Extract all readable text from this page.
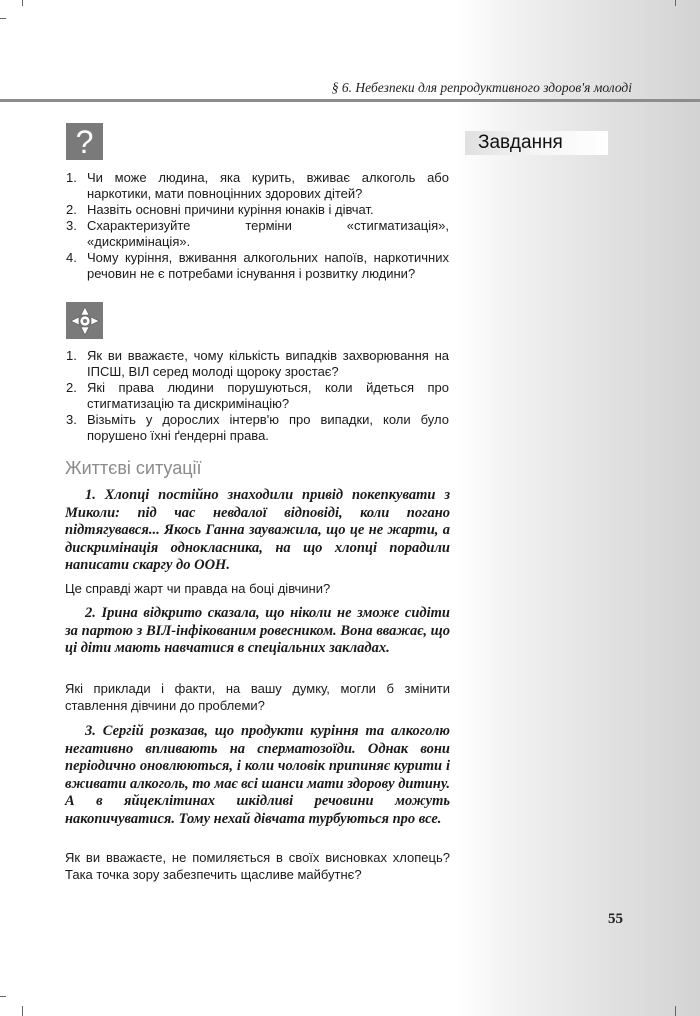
§ 6. Небезпеки для репродуктивного здоров'я молоді
Завдання
?
1. Чи може людина, яка курить, вживає алкоголь або наркотики, мати повноцінних здорових дітей?
2. Назвіть основні причини куріння юнаків і дівчат.
3. Схарактеризуйте терміни «стигматизація», «дискримінація».
4. Чому куріння, вживання алкогольних напоїв, наркотичних речовин не є потребами існування і розвитку людини?
1. Як ви вважаєте, чому кількість випадків захворювання на ІПСШ, ВІЛ серед молоді щороку зростає?
2. Які права людини порушуються, коли йдеться про стигматизацію та дискримінацію?
3. Візьміть у дорослих інтерв'ю про випадки, коли було порушено їхні ґендерні права.
Життєві ситуації

1. Хлопці постійно знаходили привід покепкувати з Миколи: під час невдалої відповіді, коли погано підтягувався... Якось Ганна зауважила, що це не жарти, а дискримінація однокласника, на що хлопці порадили написати скаргу до ООН.

Це справді жарт чи правда на боці дівчини?

2. Ірина відкрито сказала, що ніколи не зможе сидіти за партою з ВІЛ-інфікованим ровесником. Вона вважає, що ці діти мають навчатися в спеціальних закладах.

Які приклади і факти, на вашу думку, могли б змінити ставлення дівчини до проблеми?

3. Сергій розказав, що продукти куріння та алкоголю негативно впливають на сперматозоїди. Однак вони періодично оновлюються, і коли чоловік припиняє курити і вживати алкоголь, то має всі шанси мати здорову дитину. А в яйцеклітинах шкідливі речовини можуть накопичуватися. Тому нехай дівчата турбуються про все.

Як ви вважаєте, не помиляється в своїх висновках хлопець? Така точка зору забезпечить щасливе майбутнє?

55
